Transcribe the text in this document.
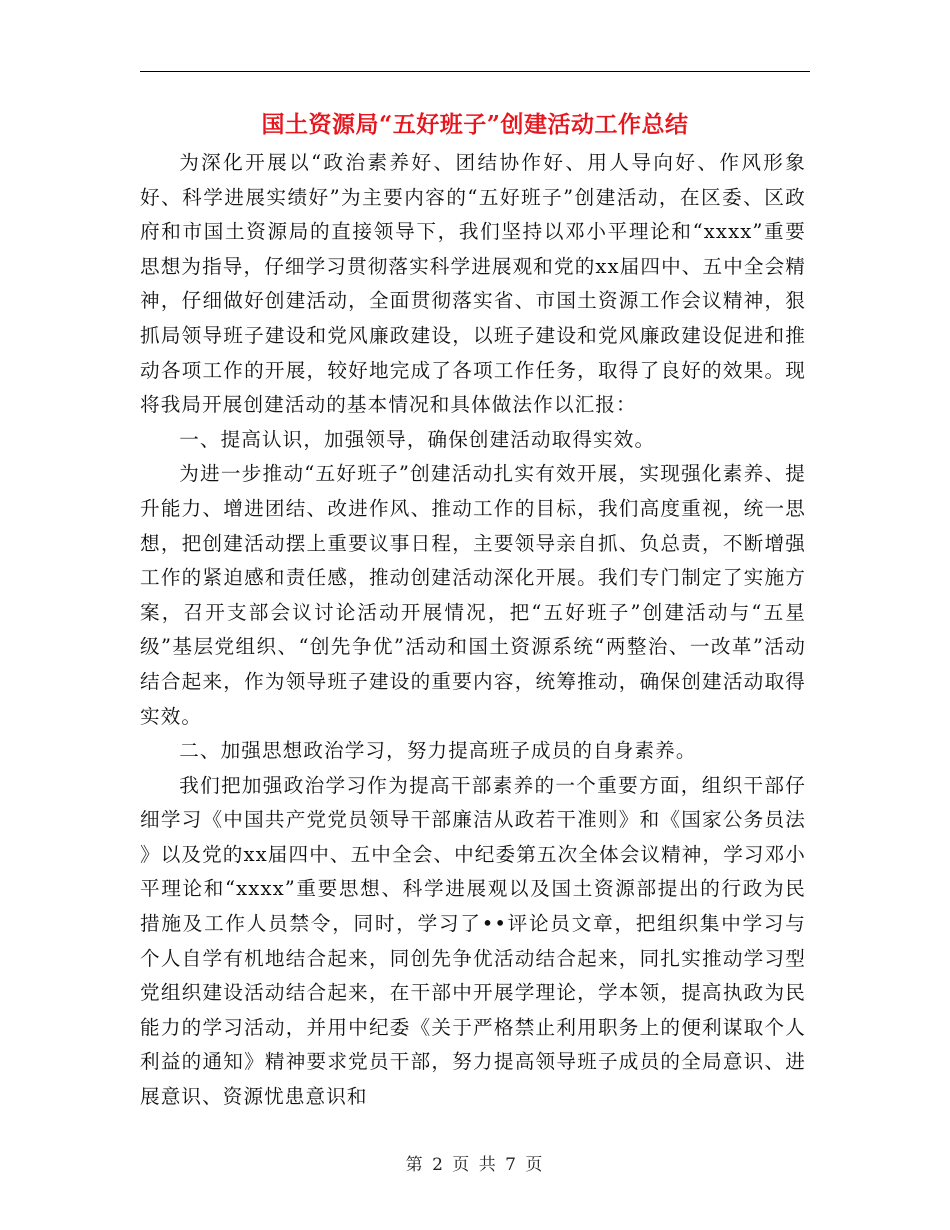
国土资源局“五好班子”创建活动工作总结

为深化开展以“政治素养好、团结协作好、用人导向好、作风形象好、科学进展实绩好”为主要内容的“五好班子”创建活动，在区委、区政府和市国土资源局的直接领导下，我们坚持以邓小平理论和“xxxx”重要思想为指导，仔细学习贯彻落实科学进展观和党的xx届四中、五中全会精神，仔细做好创建活动，全面贯彻落实省、市国土资源工作会议精神，狠抓局领导班子建设和党风廉政建设，以班子建设和党风廉政建设促进和推动各项工作的开展，较好地完成了各项工作任务，取得了良好的效果。现将我局开展创建活动的基本情况和具体做法作以汇报：

一、提高认识，加强领导，确保创建活动取得实效。

为进一步推动“五好班子”创建活动扎实有效开展，实现强化素养、提升能力、增进团结、改进作风、推动工作的目标，我们高度重视，统一思想，把创建活动摆上重要议事日程，主要领导亲自抓、负总责，不断增强工作的紧迫感和责任感，推动创建活动深化开展。我们专门制定了实施方案，召开支部会议讨论活动开展情况，把“五好班子”创建活动与“五星级”基层党组织、“创先争优”活动和国土资源系统“两整治、一改革”活动结合起来，作为领导班子建设的重要内容，统筹推动，确保创建活动取得实效。

二、加强思想政治学习，努力提高班子成员的自身素养。

我们把加强政治学习作为提高干部素养的一个重要方面，组织干部仔细学习《中国共产党党员领导干部廉洁从政若干准则》和《国家公务员法 》以及党的xx届四中、五中全会、中纪委第五次全体会议精神，学习邓小平理论和“xxxx”重要思想、科学进展观以及国土资源部提出的行政为民措施及工作人员禁令，同时，学习了••评论员文章，把组织集中学习与个人自学有机地结合起来，同创先争优活动结合起来，同扎实推动学习型党组织建设活动结合起来，在干部中开展学理论，学本领，提高执政为民能力的学习活动，并用中纪委《关于严格禁止利用职务上的便利谋取个人利益的通知》精神要求党员干部，努力提高领导班子成员的全局意识、进展意识、资源忧患意识和

第 2 页 共 7 页
